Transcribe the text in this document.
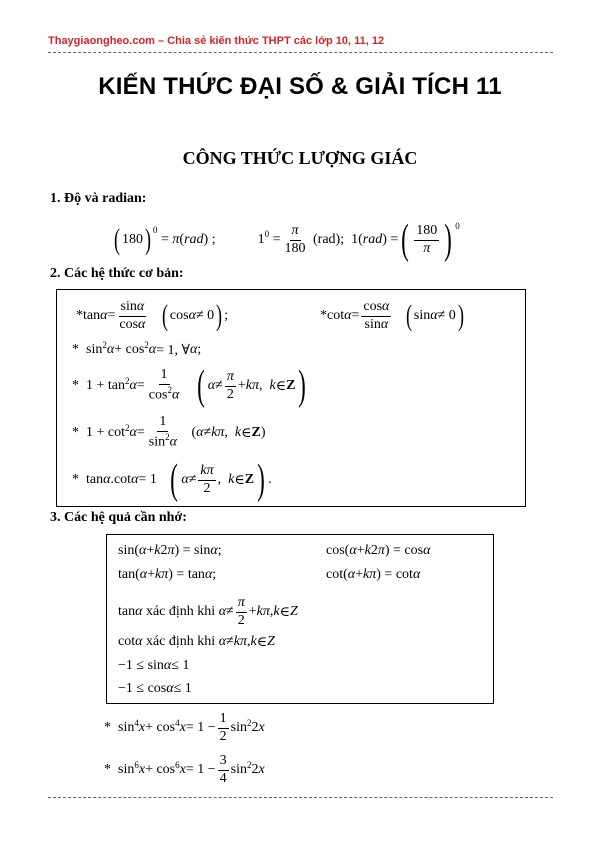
Thaygiaongheo.com – Chia sẻ kiến thức THPT các lớp 10, 11, 12
KIẾN THỨC ĐẠI SỐ & GIẢI TÍCH 11
CÔNG THỨC LƯỢNG GIÁC
1. Độ và radian:
( 180 )$^0$
= π ( rad ) ;	$1^0 = \frac{\pi}{180}$
(rad); 1( rad ) = ( $\frac{180}{\pi}$ ) $^0$
2. Các hệ thức cơ bản:
*tan $\alpha = \frac{\sin\alpha}{\cos\alpha}$
( cos α ≠ 0 ) ;	*cot $\alpha = \frac{\cos\alpha}{\sin\alpha}$
( sin α ≠ 0 )
*  $\sin^2 \alpha + \cos^2 \alpha = 1$, ∀ α ;
*  $1 + \tan^2 \alpha = \frac{1}{\cos^2\alpha}$
( $\alpha \ne \frac{\pi}{2} + k\pi$ , k ∈ Z )
*  $1 + \cot^2 \alpha = \frac{1}{\sin^2\alpha}$ ( α ≠ kπ , k ∈ Z )
*  tan α .cot α = 1 ( $\alpha \ne \frac{k\pi}{2}$ , k ∈ Z ) .
3. Các hệ quả cần nhớ:
sin( α + k 2 π ) = sin α ;	cos( α + k 2 π ) = cos α
tan( α + kπ ) = tan α ;	cot( α + kπ ) = cot α
tan α
xác định khi
$\alpha \ne \frac{\pi}{2} + k\pi$ , k ∈ Z
cot α
xác định khi
α ≠ kπ , k ∈ Z
−1 ≤ sin α ≤ 1
−1 ≤ cos α ≤ 1
*  $\sin^4 x + \cos^4 x = 1 - \frac{1}{2} \sin^2 2$ x
*  $\sin^6 x + \cos^6 x = 1 - \frac{3}{4} \sin^2 2$ x
